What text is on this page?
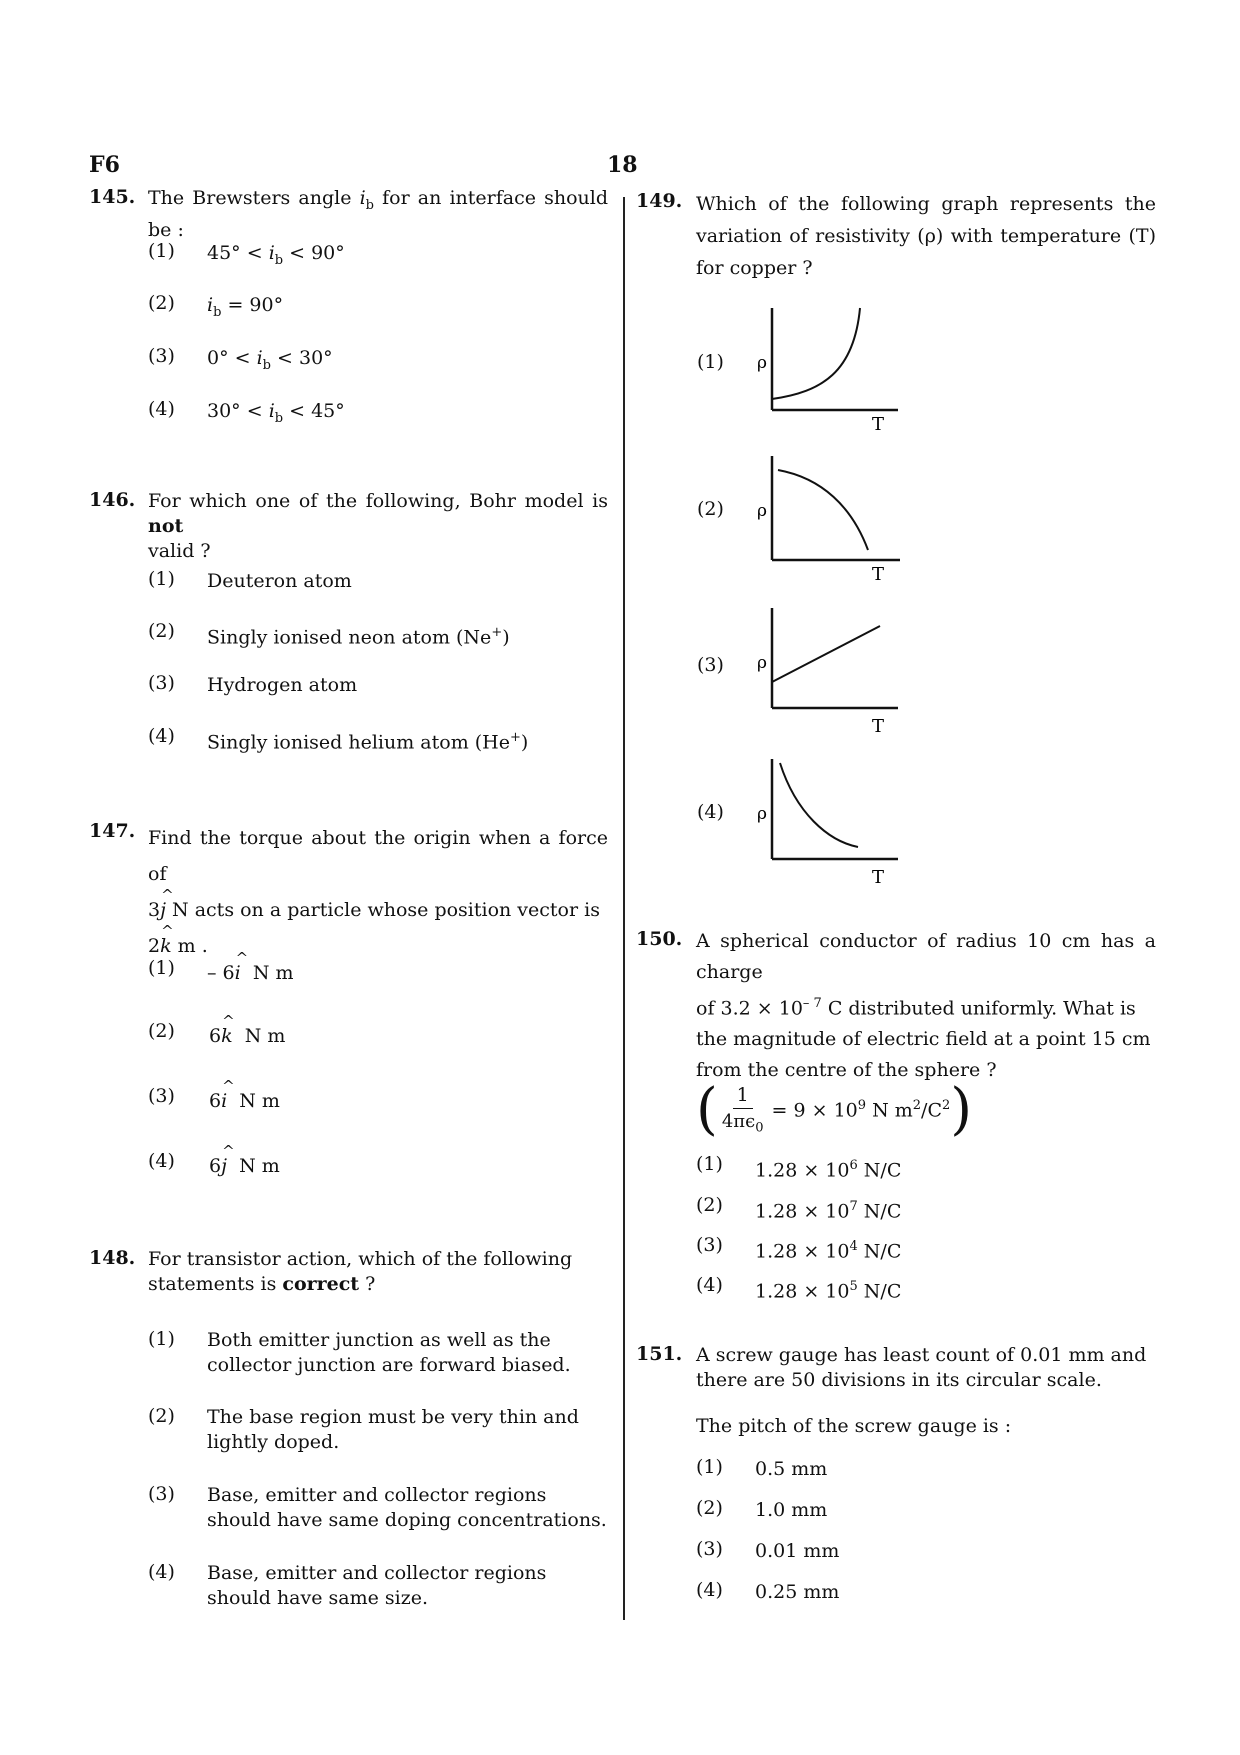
F6	18
145. The Brewsters angle $i_b$ for an interface should be :
(1) $45^\circ < i_b < 90^\circ$
(2) $i_b = 90^\circ$
(3) $0^\circ < i_b < 30^\circ$
(4) $30^\circ < i_b < 45^\circ$
146. For which one of the following, Bohr model is not
valid ?
(1) Deuteron atom
(2) Singly ionised neon atom (Ne+)
(3) Hydrogen atom
(4) Singly ionised helium atom (He+)
147. Find the torque about the origin when a force of
3^ j N acts on a particle whose position vector is
2^ k m .
(1) – 6^ i N m
(2) 6^ k N m
(3) 6^ i N m
(4) 6^ j N m
148. For transistor action, which of the following
statements is correct ?
(1) Both emitter junction as well as the collector junction are forward biased.
(2) The base region must be very thin and lightly doped.
(3) Base, emitter and collector regions should have same doping concentrations.
(4) Base, emitter and collector regions should have same size.
149. Which of the following graph represents the variation of resistivity (ρ) with temperature (T) for copper ?
(1) ρ
T
(2) ρ
T
(3) ρ
T
(4) ρ
T
150. A spherical conductor of radius 10 cm has a charge
of $3.2 \times 10^{- 7}$ C distributed uniformly. What is
the magnitude of electric field at a point 15 cm
from the centre of the sphere ?
( $\frac{1}{4\pi\epsilon_0} = 9 \times 10^9$ N $m^2/C^2$ )
(1) $1.28 \times 10^6$ N/C
(2) $1.28 \times 10^7$ N/C
(3) $1.28 \times 10^4$ N/C
(4) $1.28 \times 10^5$ N/C
151. A screw gauge has least count of 0.01 mm and
there are 50 divisions in its circular scale.
The pitch of the screw gauge is :
(1) 0.5 mm
(2) 1.0 mm
(3) 0.01 mm
(4) 0.25 mm
